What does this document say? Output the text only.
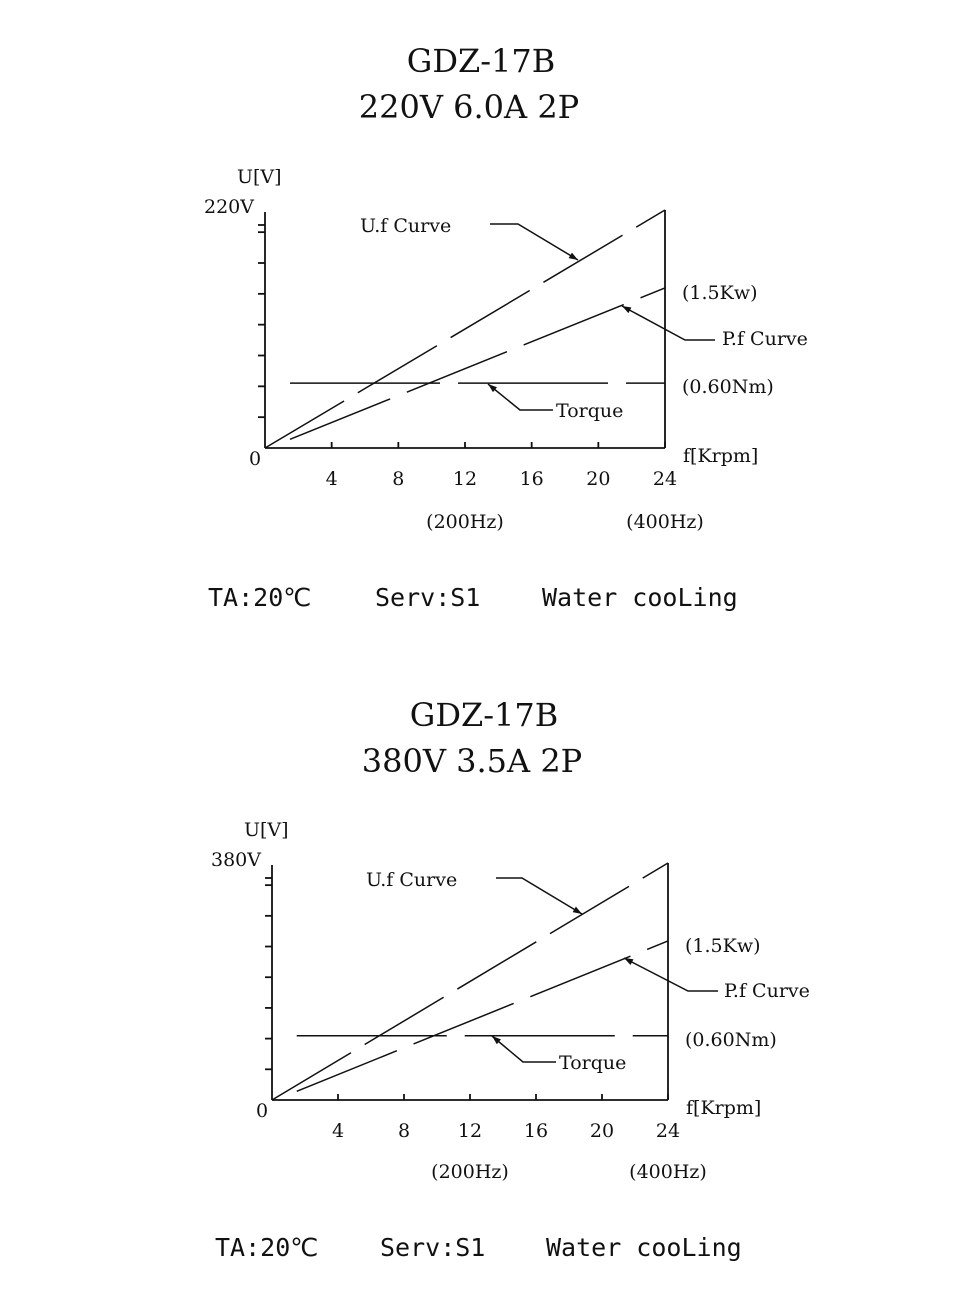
GDZ-17B
220V 6.0A 2P
4	8	12 16 20 24
(200Hz)	(400Hz)
U[V]
220V
0	f[Krpm]
U.f Curve
P.f Curve
Torque
(1.5Kw)
(0.60Nm)
TA:20℃	Serv:S1 Water cooLing
GDZ-17B
380V 3.5A 2P
4	8	12 16 20 24
(200Hz)	(400Hz)
U[V]
380V
0	f[Krpm]
U.f Curve
P.f Curve
Torque
(1.5Kw)
(0.60Nm)
TA:20℃ Serv:S1 Water cooLing
